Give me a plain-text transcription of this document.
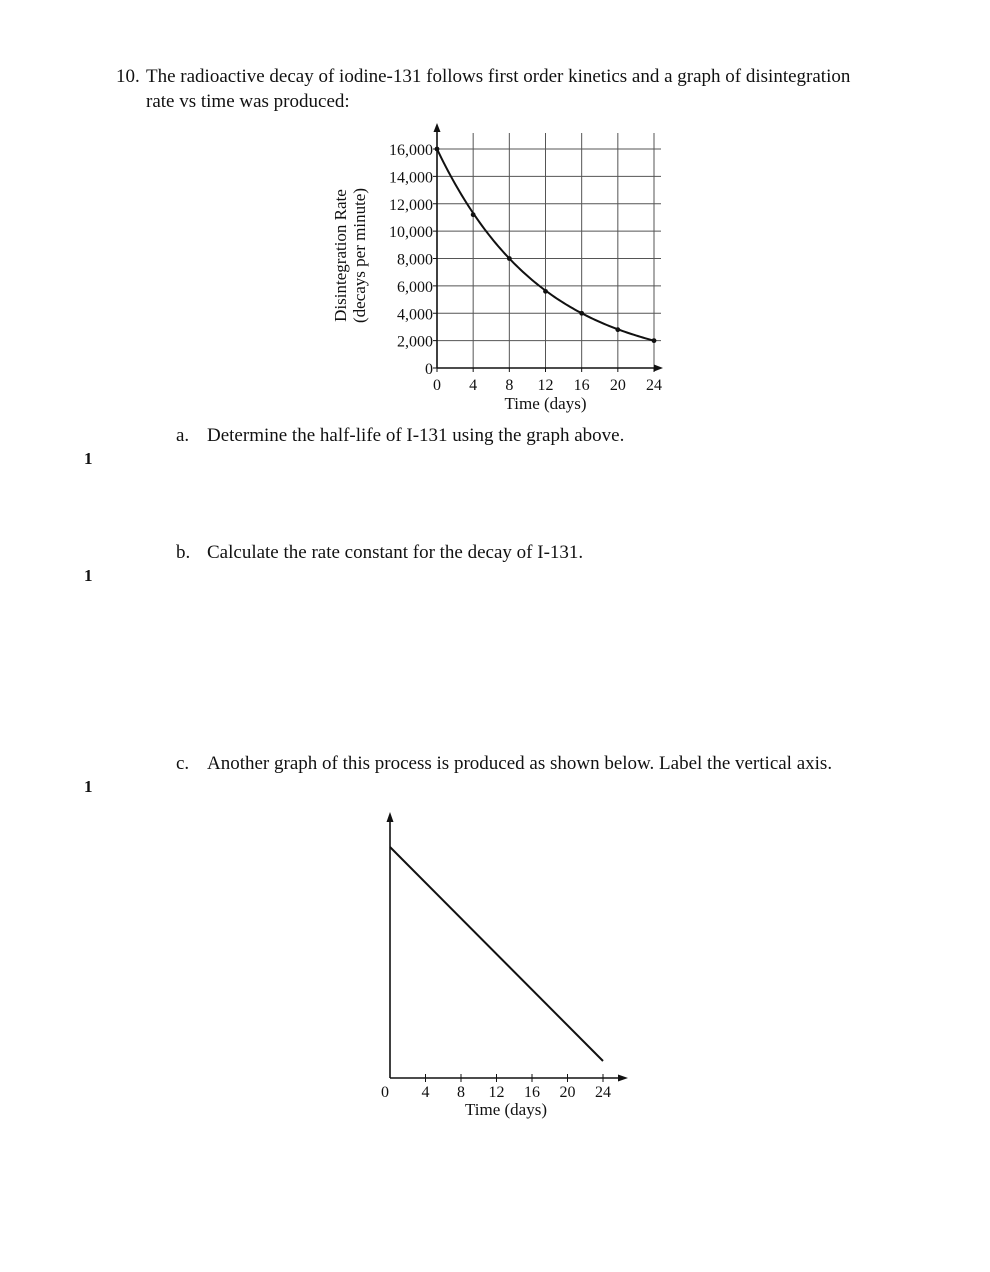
10. The radioactive decay of iodine-131 follows first order kinetics and a graph of disintegration
rate vs time was produced:
0
2,000
4,000
6,000
8,000
10,000
12,000
14,000
16,000
0 4 8 12 16 20 24
Time (days)
Disintegration Rate (decays per minute)
a. Determine the half-life of I-131 using the graph above.
1
b. Calculate the rate constant for the decay of I-131.
1
c. Another graph of this process is produced as shown below. Label the vertical axis.
1
0 4 8 12 16 20 24
Time (days)
